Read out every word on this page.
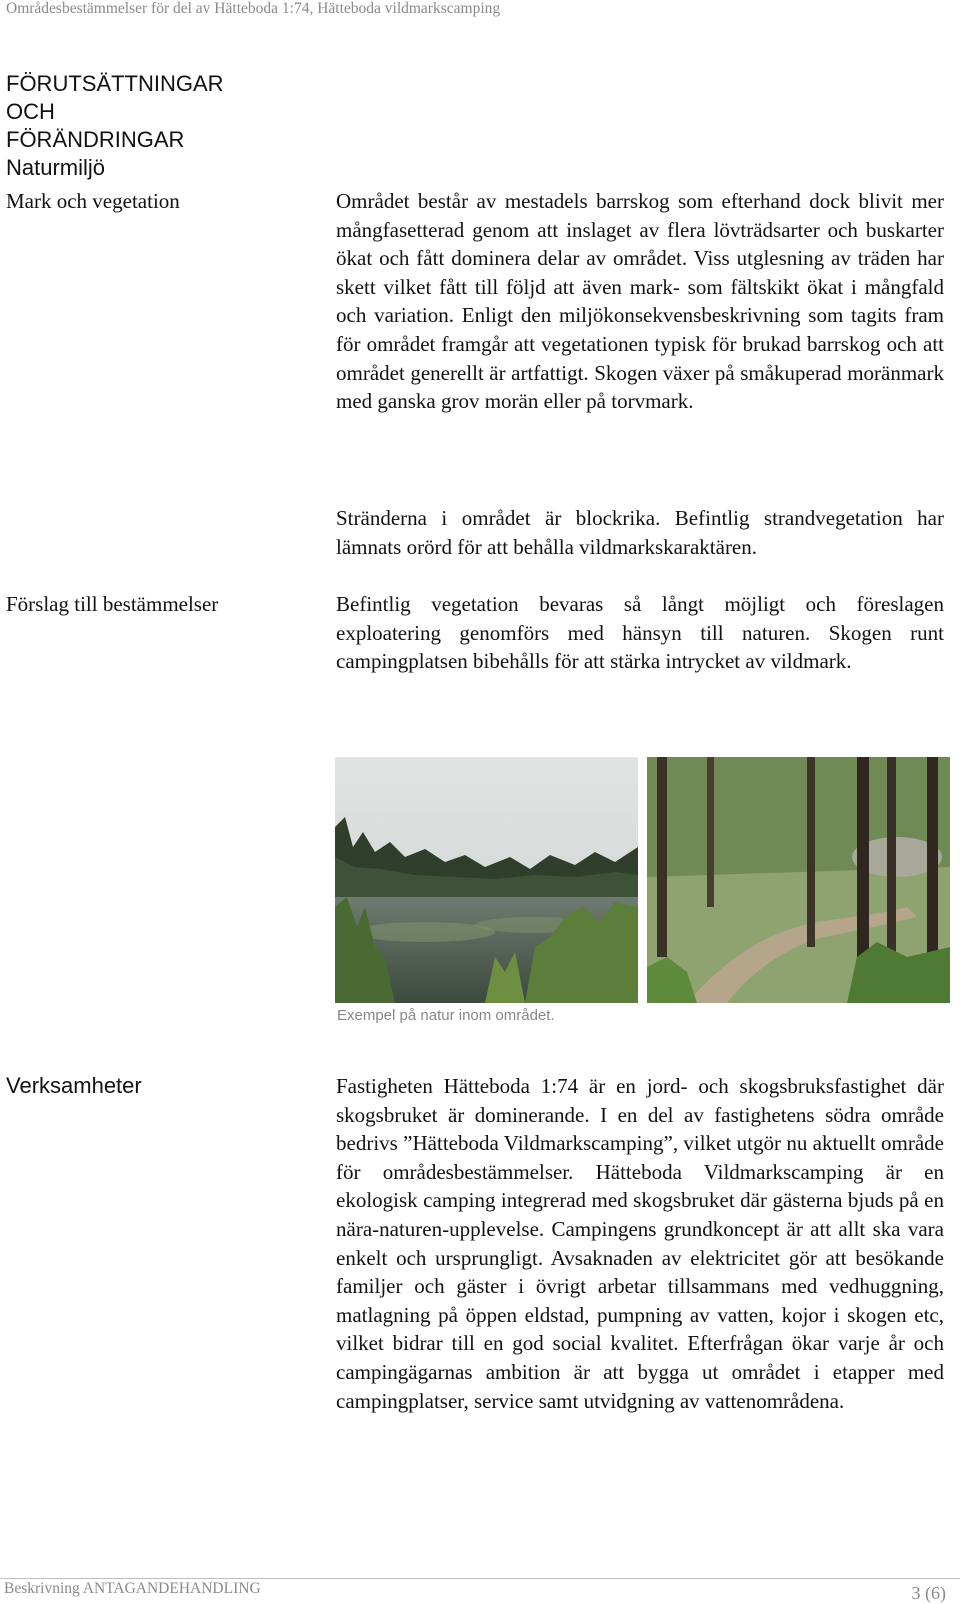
Områdesbestämmelser för del av Hätteboda 1:74, Hätteboda vildmarkscamping
FÖRUTSÄTTNINGAR
OCH
FÖRÄNDRINGAR
Naturmiljö
Mark och vegetation	Området består av mestadels barrskog som efterhand dock blivit mer mångfasetterad genom att inslaget av flera lövträdsarter och buskarter ökat och fått dominera delar av området. Viss utglesning av träden har skett vilket fått till följd att även mark- som fältskikt ökat i mångfald och variation. Enligt den miljökonsekvensbeskrivning som tagits fram för området framgår att vegetationen typisk för brukad barrskog och att området generellt är artfattigt. Skogen växer på småkuperad moränmark med ganska grov morän eller på torvmark.

Stränderna i området är blockrika. Befintlig strandvegetation har lämnats orörd för att behålla vildmarkskaraktären.

Förslag till bestämmelser	Befintlig vegetation bevaras så långt möjligt och föreslagen exploatering genomförs med hänsyn till naturen. Skogen runt campingplatsen bibehålls för att stärka intrycket av vildmark.

Exempel på natur inom området.
Verksamheter	Fastigheten Hätteboda 1:74 är en jord- och skogsbruksfastighet där skogsbruket är dominerande. I en del av fastighetens södra område bedrivs ”Hätteboda Vildmarkscamping”, vilket utgör nu aktuellt område för områdesbestämmelser. Hätteboda Vildmarkscamping är en ekologisk camping integrerad med skogsbruket där gästerna bjuds på en nära-naturen-upplevelse. Campingens grundkoncept är att allt ska vara enkelt och ursprungligt. Avsaknaden av elektricitet gör att besökande familjer och gäster i övrigt arbetar tillsammans med vedhuggning, matlagning på öppen eldstad, pumpning av vatten, kojor i skogen etc, vilket bidrar till en god social kvalitet. Efterfrågan ökar varje år och campingägarnas ambition är att bygga ut området i etapper med campingplatser, service samt utvidgning av vattenområdena.

Beskrivning ANTAGANDEHANDLING	3 (6)
